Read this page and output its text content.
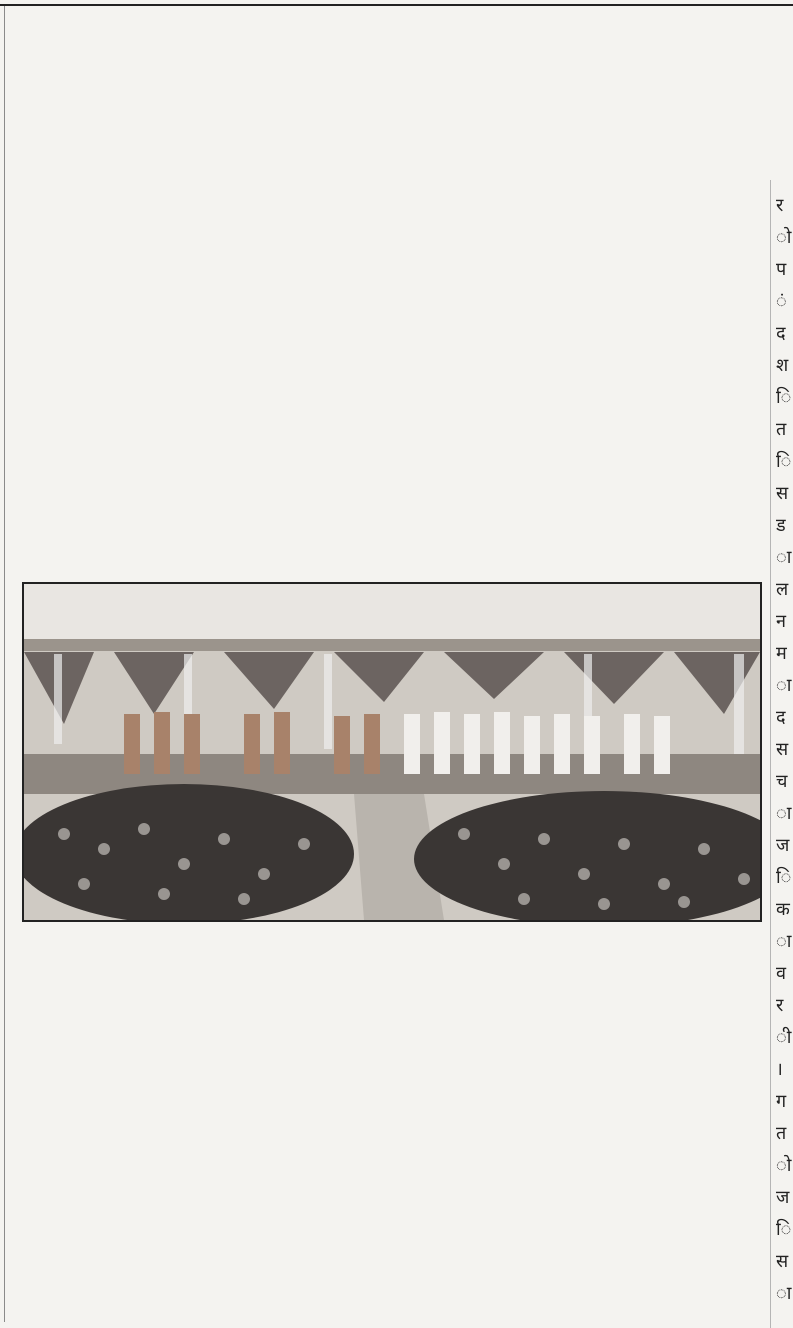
र
ो
प
ं
द
श
ि
त
ि
स
ड
ा
ल
न
म
ा
द
स
च
ा
ज
ि
क
ा
व
र
ी
।
ग
त
ो
ज
ि
स
ा
